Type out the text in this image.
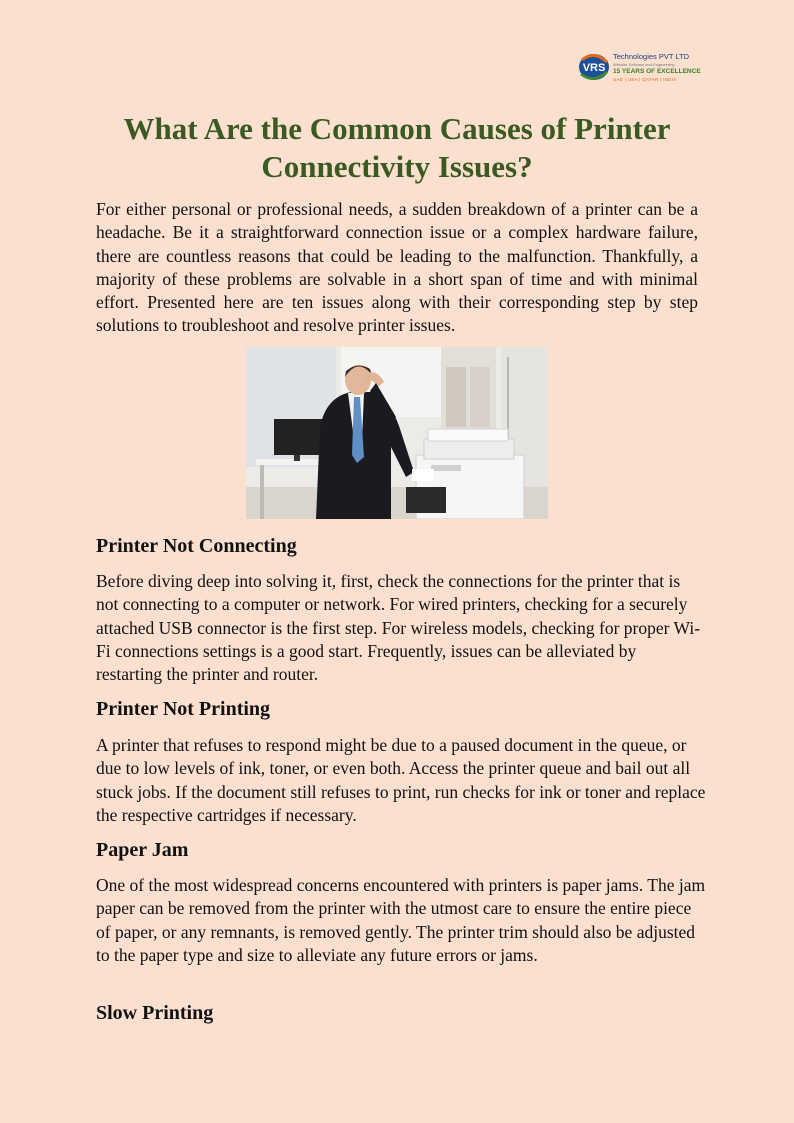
VRS
Technologies PVT LTD
Website Software and Engineering
15 YEARS OF EXCELLENCE
UAE | USA | QATAR | INDIA
What Are the Common Causes of Printer Connectivity Issues?

For either personal or professional needs, a sudden breakdown of a printer can be a headache. Be it a straightforward connection issue or a complex hardware failure, there are countless reasons that could be leading to the malfunction. Thankfully, a majority of these problems are solvable in a short span of time and with minimal effort. Presented here are ten issues along with their corresponding step by step solutions to troubleshoot and resolve printer issues.

Printer Not Connecting

Before diving deep into solving it, first, check the connections for the printer that is not connecting to a computer or network. For wired printers, checking for a securely attached USB connector is the first step. For wireless models, checking for proper Wi-Fi connections settings is a good start. Frequently, issues can be alleviated by restarting the printer and router.

Printer Not Printing

A printer that refuses to respond might be due to a paused document in the queue, or due to low levels of ink, toner, or even both. Access the printer queue and bail out all stuck jobs. If the document still refuses to print, run checks for ink or toner and replace the respective cartridges if necessary.

Paper Jam

One of the most widespread concerns encountered with printers is paper jams. The jam paper can be removed from the printer with the utmost care to ensure the entire piece of paper, or any remnants, is removed gently. The printer trim should also be adjusted to the paper type and size to alleviate any future errors or jams.

Slow Printing
